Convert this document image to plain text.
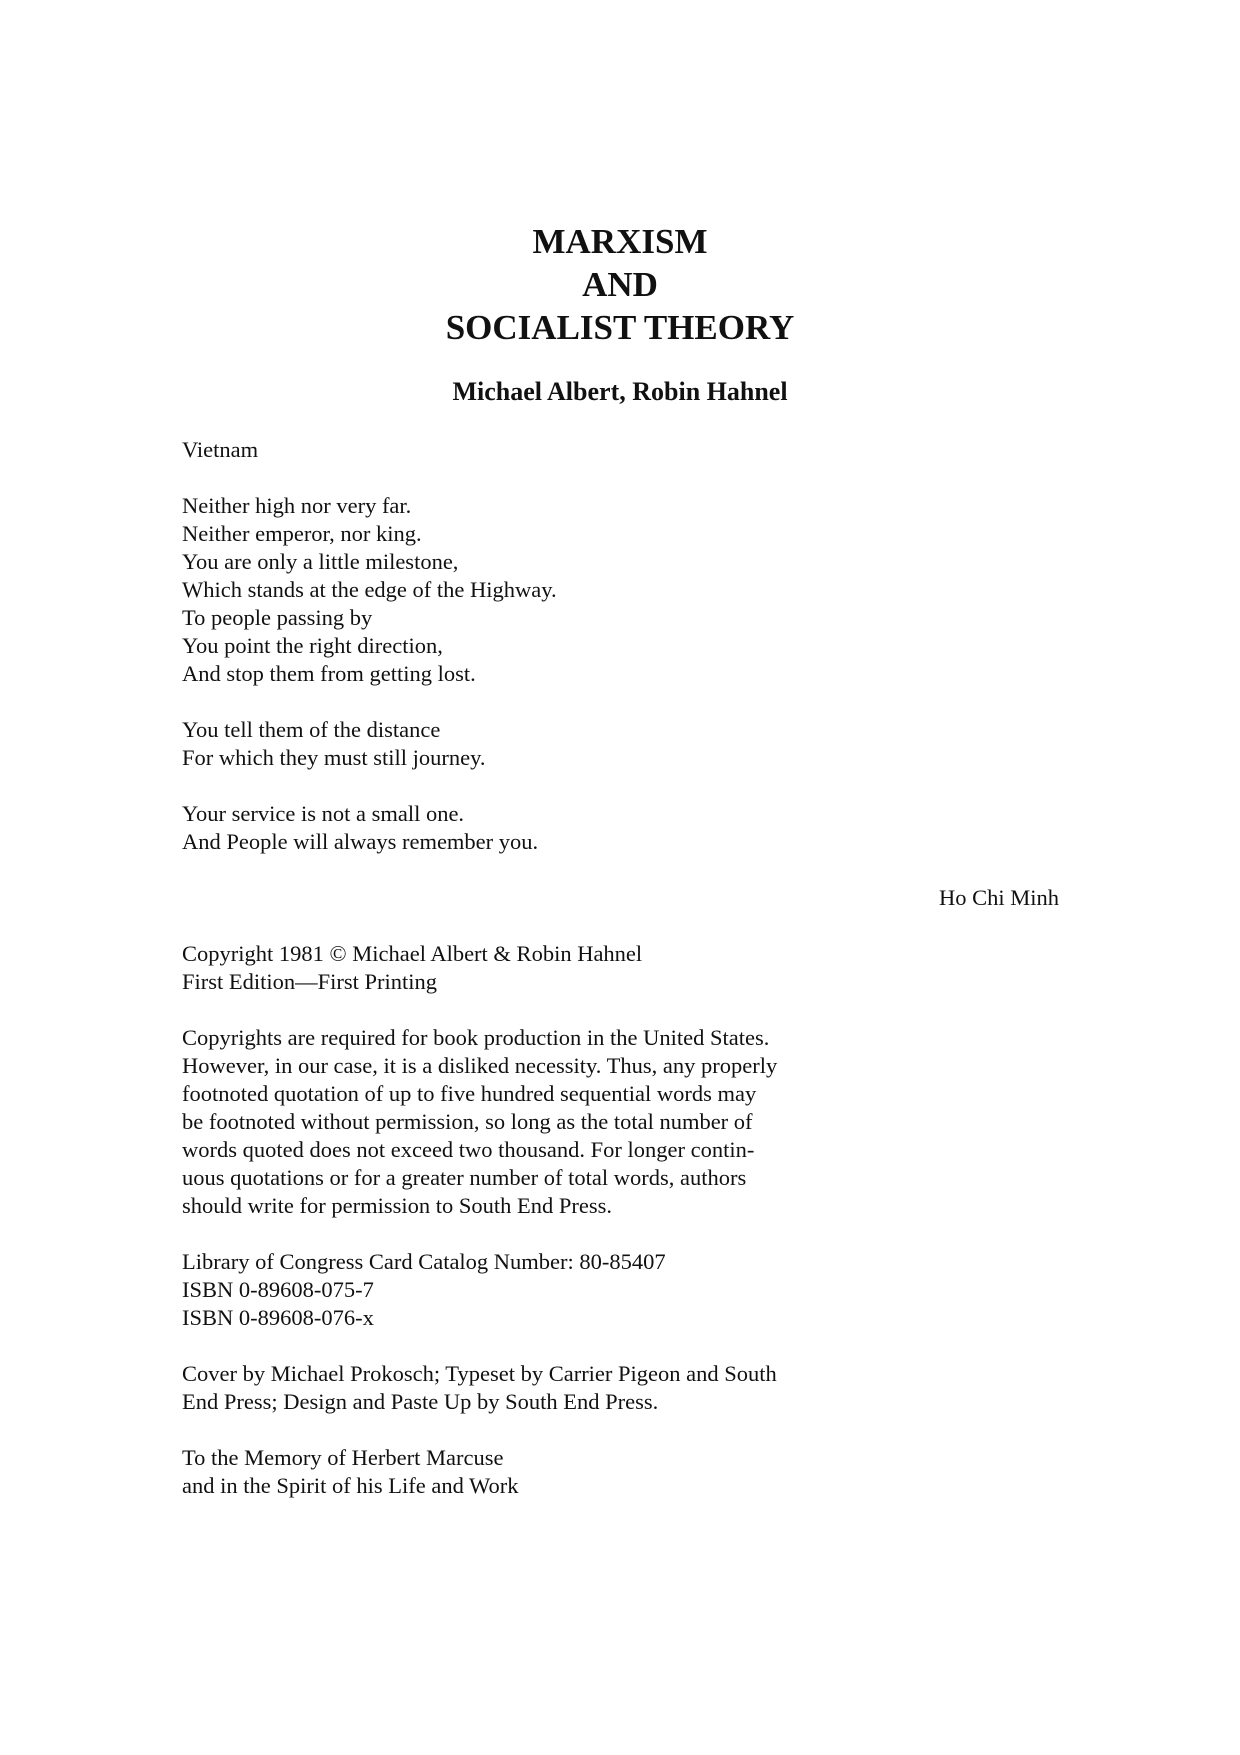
MARXISM
AND
SOCIALIST THEORY
Michael Albert, Robin Hahnel
Vietnam
Neither high nor very far.
Neither emperor, nor king.
You are only a little milestone,
Which stands at the edge of the Highway.
To people passing by
You point the right direction,
And stop them from getting lost.
You tell them of the distance
For which they must still journey.
Your service is not a small one.
And People will always remember you.
Ho Chi Minh
Copyright 1981 © Michael Albert & Robin Hahnel
First Edition—First Printing
Copyrights are required for book production in the United States.
However, in our case, it is a disliked necessity. Thus, any properly
footnoted quotation of up to five hundred sequential words may
be footnoted without permission, so long as the total number of
words quoted does not exceed two thousand. For longer contin-
uous quotations or for a greater number of total words, authors
should write for permission to South End Press.
Library of Congress Card Catalog Number: 80-85407
ISBN 0-89608-075-7
ISBN 0-89608-076-x
Cover by Michael Prokosch; Typeset by Carrier Pigeon and South
End Press; Design and Paste Up by South End Press.
To the Memory of Herbert Marcuse
and in the Spirit of his Life and Work
